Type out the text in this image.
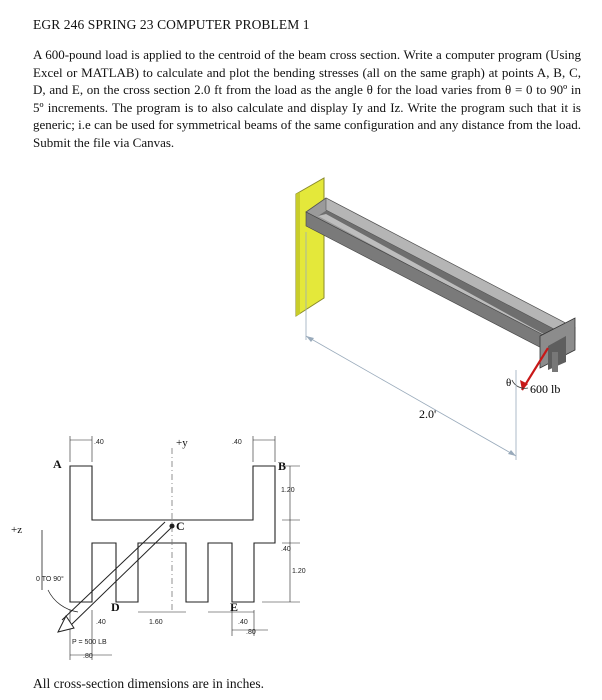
EGR 246 SPRING 23 COMPUTER PROBLEM 1
A 600-pound load is applied to the centroid of the beam cross section. Write a computer program (Using Excel or MATLAB) to calculate and plot the bending stresses (all on the same graph) at points A, B, C, D, and E, on the cross section 2.0 ft from the load as the angle θ for the load varies from θ = 0 to 90º in 5º increments. The program is to also calculate and display Iy and Iz. Write the program such that it is generic; i.e can be used for symmetrical beams of the same configuration and any distance from the load. Submit the file via Canvas.
θ 600 lb
2.0'
.40	.40
1.20
.40
1.20
1.60
.40	.40
.80
.80
0 TO 90°
P = 500 LB
A	B
C
D	E
+y
+z
All cross-section dimensions are in inches.
